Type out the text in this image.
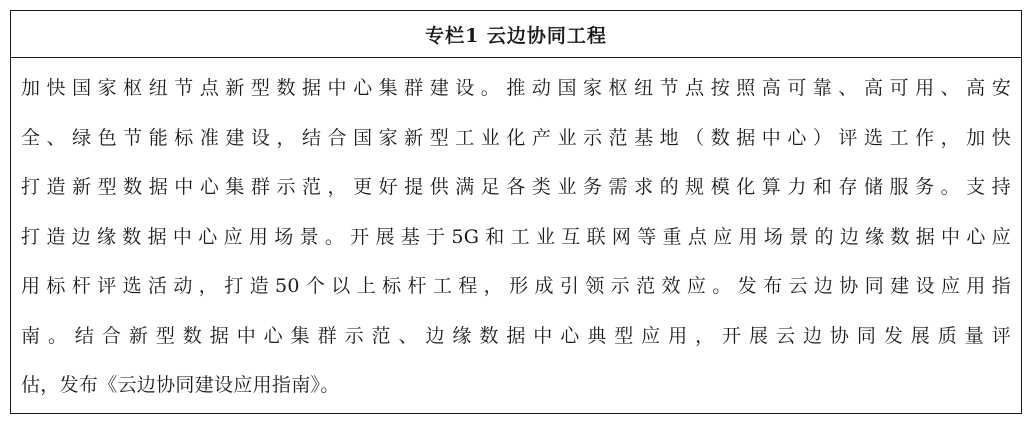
专栏1 云边协同工程
加快国家枢纽节点新型数据中心集群建设。推动国家枢纽节点按照高可靠、高可用、高安
全、绿色节能标准建设，结合国家新型工业化产业示范基地（数据中心）评选工作，加快
打造新型数据中心集群示范，更好提供满足各类业务需求的规模化算力和存储服务。支持
打造边缘数据中心应用场景。开展基于5G和工业互联网等重点应用场景的边缘数据中心应
用标杆评选活动，打造50个以上标杆工程，形成引领示范效应。发布云边协同建设应用指
南。结合新型数据中心集群示范、边缘数据中心典型应用，开展云边协同发展质量评
估，发布《云边协同建设应用指南》。
